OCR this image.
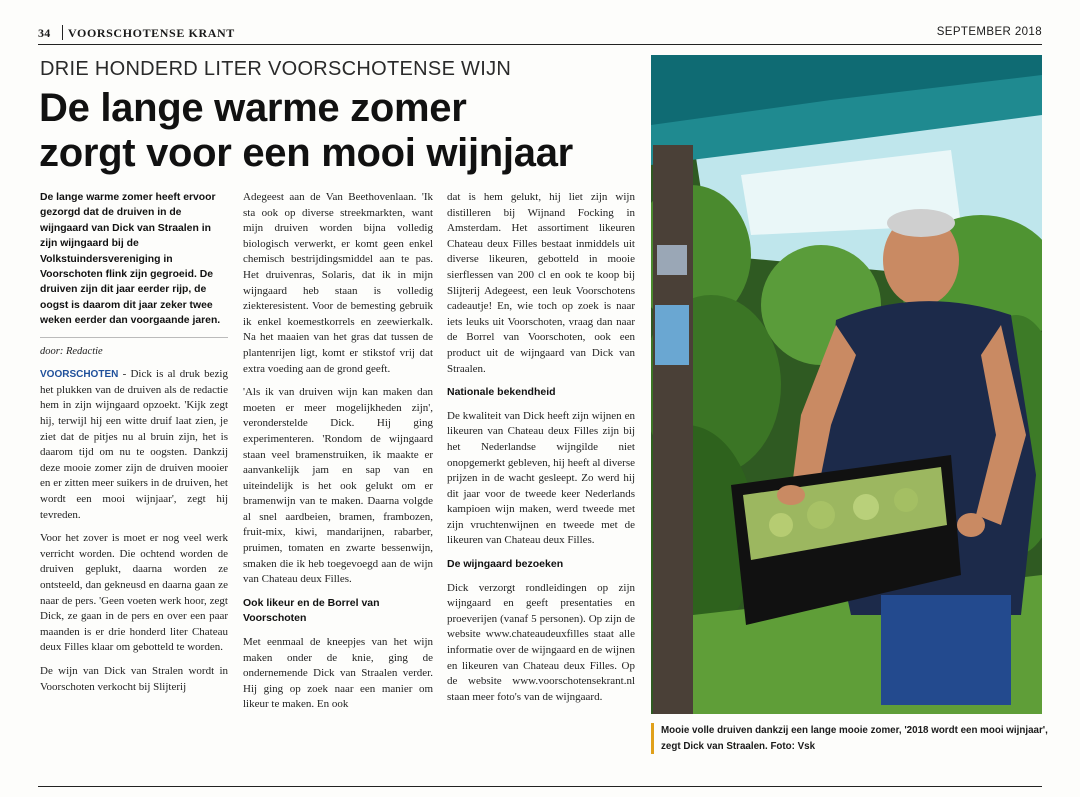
34 VOORSCHOTENSE KRANT	SEPTEMBER 2018
DRIE HONDERD LITER VOORSCHOTENSE WIJN
De lange warme zomer
zorgt voor een mooi wijnjaar

De lange warme zomer heeft ervoor gezorgd dat de druiven in de wijngaard van Dick van Straalen in zijn wijngaard bij de Volkstuindersvereniging in Voorschoten flink zijn gegroeid. De druiven zijn dit jaar eerder rijp, de oogst is daarom dit jaar zeker twee weken eerder dan voorgaande jaren.

door: Redactie

VOORSCHOTEN - Dick is al druk bezig het plukken van de druiven als de redactie hem in zijn wijngaard opzoekt. 'Kijk zegt hij, terwijl hij een witte druif laat zien, je ziet dat de pitjes nu al bruin zijn, het is daarom tijd om nu te oogsten. Dankzij deze mooie zomer zijn de druiven mooier en er zitten meer suikers in de druiven, het wordt een mooi wijnjaar', zegt hij tevreden.

Voor het zover is moet er nog veel werk verricht worden. Die ochtend worden de druiven geplukt, daarna worden ze ontsteeld, dan gekneusd en daarna gaan ze naar de pers. 'Geen voeten werk hoor, zegt Dick, ze gaan in de pers en over een paar maanden is er drie honderd liter Chateau deux Filles klaar om gebotteld te worden.

De wijn van Dick van Stralen wordt in Voorschoten verkocht bij Slijterij

Adegeest aan de Van Beethovenlaan. 'Ik sta ook op diverse streekmarkten, want mijn druiven worden bijna volledig biologisch verwerkt, er komt geen enkel chemisch bestrijdingsmiddel aan te pas. Het druivenras, Solaris, dat ik in mijn wijngaard heb staan is volledig ziekteresistent. Voor de bemesting gebruik ik enkel koemestkorrels en zeewierkalk. Na het maaien van het gras dat tussen de plantenrijen ligt, komt er stikstof vrij dat extra voeding aan de grond geeft.

'Als ik van druiven wijn kan maken dan moeten er meer mogelijkheden zijn', veronderstelde Dick. Hij ging experimenteren. 'Rondom de wijngaard staan veel bramenstruiken, ik maakte er aanvankelijk jam en sap van en uiteindelijk is het ook gelukt om er bramenwijn van te maken. Daarna volgde al snel aardbeien, bramen, frambozen, fruit-mix, kiwi, mandarijnen, rabarber, pruimen, tomaten en zwarte bessenwijn, smaken die ik heb toegevoegd aan de wijn van Chateau deux Filles.

Ook likeur en de Borrel van Voorschoten

Met eenmaal de kneepjes van het wijn maken onder de knie, ging de ondernemende Dick van Straalen verder. Hij ging op zoek naar een manier om likeur te maken. En ook

dat is hem gelukt, hij liet zijn wijn distilleren bij Wijnand Focking in Amsterdam. Het assortiment likeuren Chateau deux Filles bestaat inmiddels uit diverse likeuren, gebotteld in mooie sierflessen van 200 cl en ook te koop bij Slijterij Adegeest, een leuk Voorschotens cadeautje! En, wie toch op zoek is naar iets leuks uit Voorschoten, vraag dan naar de Borrel van Voorschoten, ook een product uit de wijngaard van Dick van Straalen.

Nationale bekendheid

De kwaliteit van Dick heeft zijn wijnen en likeuren van Chateau deux Filles zijn bij het Nederlandse wijngilde niet onopgemerkt gebleven, hij heeft al diverse prijzen in de wacht gesleept. Zo werd hij dit jaar voor de tweede keer Nederlands kampioen wijn maken, werd tweede met zijn vruchtenwijnen en tweede met de likeuren van Chateau deux Filles.

De wijngaard bezoeken

Dick verzorgt rondleidingen op zijn wijngaard en geeft presentaties en proeverijen (vanaf 5 personen). Op zijn de website www.chateaudeuxfilles staat alle informatie over de wijngaard en de wijnen en likeuren van Chateau deux Filles. Op de website www.voorschotensekrant.nl staan meer foto's van de wijngaard.

Mooie volle druiven dankzij een lange mooie zomer, '2018 wordt een mooi wijnjaar', zegt Dick van Straalen. Foto: Vsk
